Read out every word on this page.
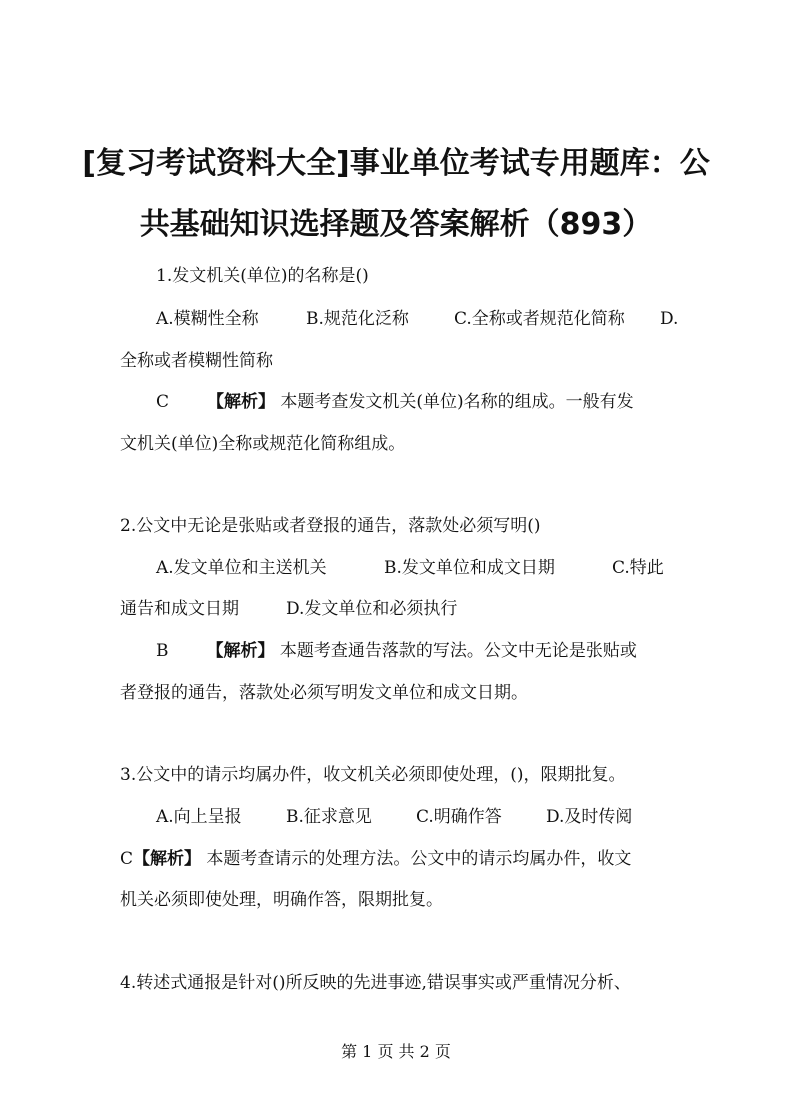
[复习考试资料大全]事业单位考试专用题库：公
共基础知识选择题及答案解析（893）
1.发文机关(单位)的名称是()
A.模糊性全称	B.规范化泛称	C.全称或者规范化简称 D.
全称或者模糊性简称
C 【解析】 本题考查发文机关(单位)名称的组成。一般有发
文机关(单位)全称或规范化简称组成。
2.公文中无论是张贴或者登报的通告，落款处必须写明()
A.发文单位和主送机关	B.发文单位和成文日期	C.特此
通告和成文日期	D.发文单位和必须执行
B 【解析】 本题考查通告落款的写法。公文中无论是张贴或
者登报的通告，落款处必须写明发文单位和成文日期。
3.公文中的请示均属办件，收文机关必须即使处理，()，限期批复。
A.向上呈报	B.征求意见	C.明确作答	D.及时传阅
C【解析】 本题考查请示的处理方法。公文中的请示均属办件，收文
机关必须即使处理，明确作答，限期批复。
4.转述式通报是针对()所反映的先进事迹,错误事实或严重情况分析、
第 1 页 共 2 页
